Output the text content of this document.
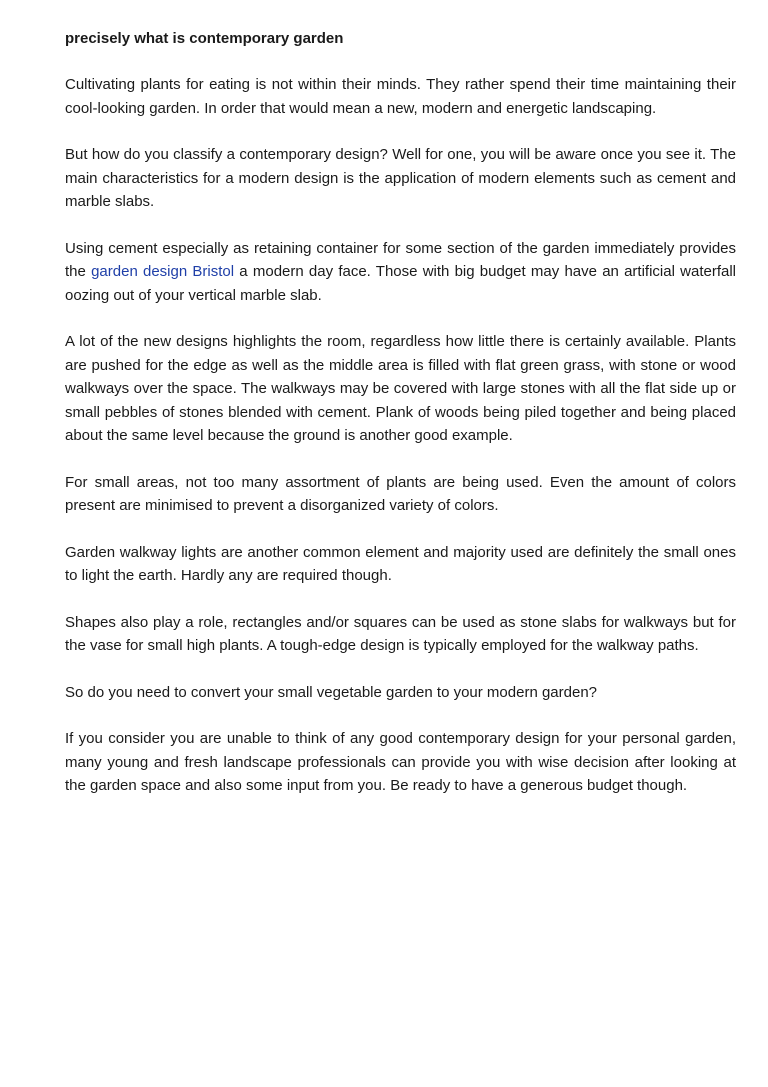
precisely what is contemporary garden

Cultivating plants for eating is not within their minds. They rather spend their time maintaining their cool-looking garden. In order that would mean a new, modern and energetic landscaping.

But how do you classify a contemporary design? Well for one, you will be aware once you see it. The main characteristics for a modern design is the application of modern elements such as cement and marble slabs.

Using cement especially as retaining container for some section of the garden immediately provides the garden design Bristol a modern day face. Those with big budget may have an artificial waterfall oozing out of your vertical marble slab.

A lot of the new designs highlights the room, regardless how little there is certainly available. Plants are pushed for the edge as well as the middle area is filled with flat green grass, with stone or wood walkways over the space. The walkways may be covered with large stones with all the flat side up or small pebbles of stones blended with cement. Plank of woods being piled together and being placed about the same level because the ground is another good example.

For small areas, not too many assortment of plants are being used. Even the amount of colors present are minimised to prevent a disorganized variety of colors.

Garden walkway lights are another common element and majority used are definitely the small ones to light the earth. Hardly any are required though.

Shapes also play a role, rectangles and/or squares can be used as stone slabs for walkways but for the vase for small high plants. A tough-edge design is typically employed for the walkway paths.

So do you need to convert your small vegetable garden to your modern garden?

If you consider you are unable to think of any good contemporary design for your personal garden, many young and fresh landscape professionals can provide you with wise decision after looking at the garden space and also some input from you. Be ready to have a generous budget though.
